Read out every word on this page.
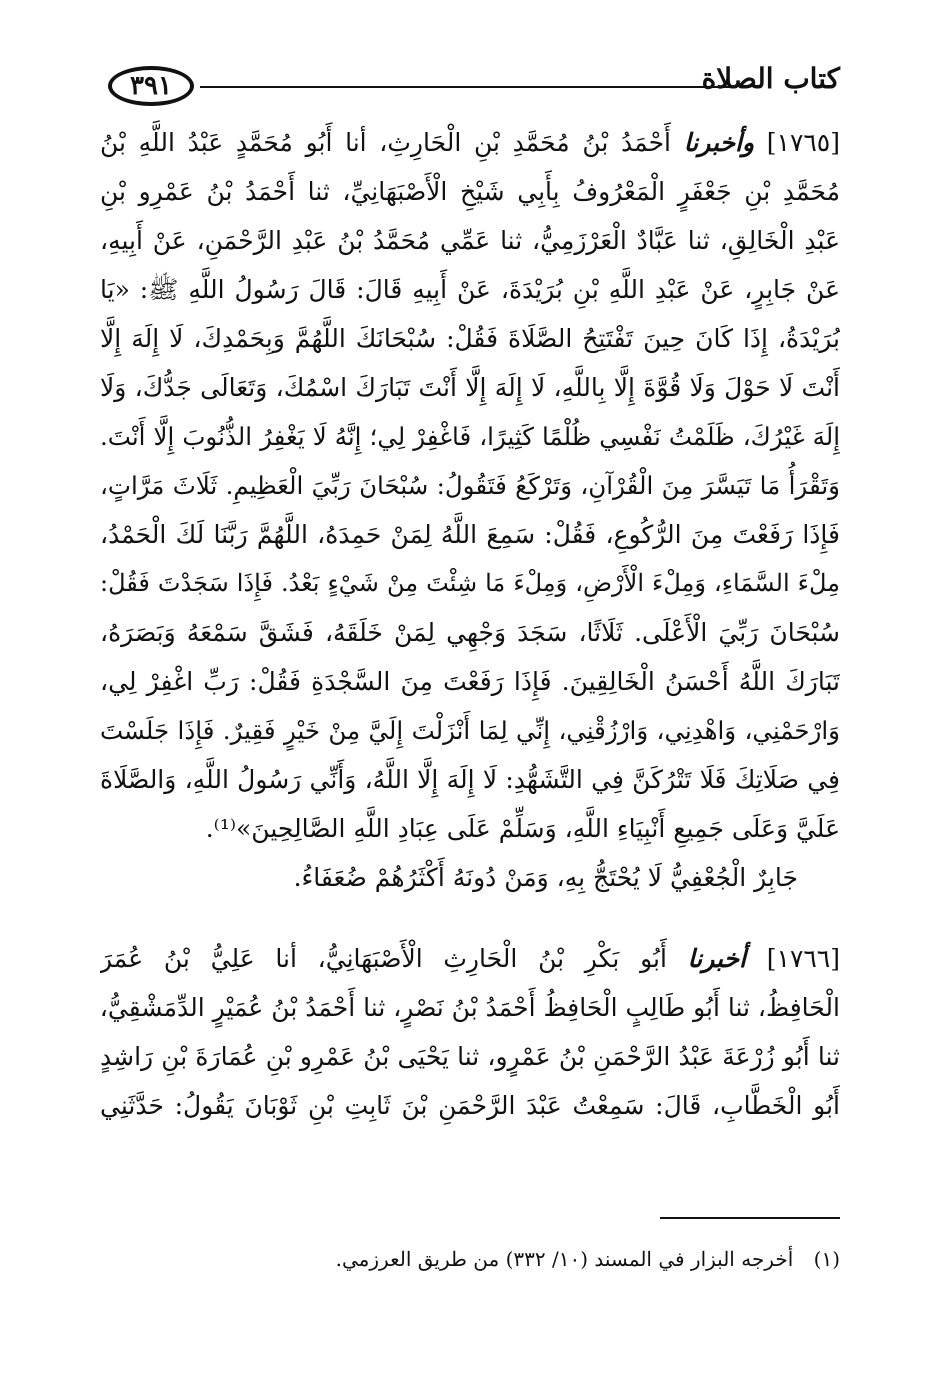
٣٩١	كتاب الصلاة
[١٧٦٥] وأخبرنا أَحْمَدُ بْنُ مُحَمَّدِ بْنِ الْحَارِثِ، أنا أَبُو مُحَمَّدٍ عَبْدُ اللَّهِ بْنُ
مُحَمَّدِ بْنِ جَعْفَرٍ الْمَعْرُوفُ بِأَبِي شَيْخِ الْأَصْبَهَانِيِّ، ثنا أَحْمَدُ بْنُ عَمْرِو بْنِ
عَبْدِ الْخَالِقِ، ثنا عَبَّادٌ الْعَرْزَمِيُّ، ثنا عَمِّي مُحَمَّدُ بْنُ عَبْدِ الرَّحْمَنِ، عَنْ أَبِيهِ،
عَنْ جَابِرٍ، عَنْ عَبْدِ اللَّهِ بْنِ بُرَيْدَةَ، عَنْ أَبِيهِ قَالَ: قَالَ رَسُولُ اللَّهِ ﷺ: «يَا
بُرَيْدَةُ، إِذَا كَانَ حِينَ تَفْتَتِحُ الصَّلَاةَ فَقُلْ: سُبْحَانَكَ اللَّهُمَّ وَبِحَمْدِكَ، لَا إِلَهَ إِلَّا
أَنْتَ لَا حَوْلَ وَلَا قُوَّةَ إِلَّا بِاللَّهِ، لَا إِلَهَ إِلَّا أَنْتَ تَبَارَكَ اسْمُكَ، وَتَعَالَى جَدُّكَ، وَلَا
إِلَهَ غَيْرُكَ، ظَلَمْتُ نَفْسِي ظُلْمًا كَثِيرًا، فَاغْفِرْ لِي؛ إِنَّهُ لَا يَغْفِرُ الذُّنُوبَ إِلَّا أَنْتَ.
وَتَقْرَأُ مَا تَيَسَّرَ مِنَ الْقُرْآنِ، وَتَرْكَعُ فَتَقُولُ: سُبْحَانَ رَبِّيَ الْعَظِيمِ. ثَلَاثَ مَرَّاتٍ،
فَإِذَا رَفَعْتَ مِنَ الرُّكُوعِ، فَقُلْ: سَمِعَ اللَّهُ لِمَنْ حَمِدَهُ، اللَّهُمَّ رَبَّنَا لَكَ الْحَمْدُ،
مِلْءَ السَّمَاءِ، وَمِلْءَ الْأَرْضِ، وَمِلْءَ مَا شِئْتَ مِنْ شَيْءٍ بَعْدُ. فَإِذَا سَجَدْتَ فَقُلْ:
سُبْحَانَ رَبِّيَ الْأَعْلَى. ثَلَاثًا، سَجَدَ وَجْهِي لِمَنْ خَلَقَهُ، فَشَقَّ سَمْعَهُ وَبَصَرَهُ،
تَبَارَكَ اللَّهُ أَحْسَنُ الْخَالِقِينَ. فَإِذَا رَفَعْتَ مِنَ السَّجْدَةِ فَقُلْ: رَبِّ اغْفِرْ لِي،
وَارْحَمْنِي، وَاهْدِنِي، وَارْزُقْنِي، إِنِّي لِمَا أَنْزَلْتَ إِلَيَّ مِنْ خَيْرٍ فَقِيرٌ. فَإِذَا جَلَسْتَ
فِي صَلَاتِكَ فَلَا تَتْرُكَنَّ فِي التَّشَهُّدِ: لَا إِلَهَ إِلَّا اللَّهُ، وَأَنِّي رَسُولُ اللَّهِ، وَالصَّلَاةَ
عَلَيَّ وَعَلَى جَمِيعِ أَنْبِيَاءِ اللَّهِ، وَسَلِّمْ عَلَى عِبَادِ اللَّهِ الصَّالِحِينَ»⁽¹⁾.
جَابِرٌ الْجُعْفِيُّ لَا يُحْتَجُّ بِهِ، وَمَنْ دُونَهُ أَكْثَرُهُمْ ضُعَفَاءُ.
[١٧٦٦] أخبرنا أَبُو بَكْرِ بْنُ الْحَارِثِ الْأَصْبَهَانِيُّ، أنا عَلِيُّ بْنُ عُمَرَ
الْحَافِظُ، ثنا أَبُو طَالِبٍ الْحَافِظُ أَحْمَدُ بْنُ نَصْرٍ، ثنا أَحْمَدُ بْنُ عُمَيْرٍ الدِّمَشْقِيُّ،
ثنا أَبُو زُرْعَةَ عَبْدُ الرَّحْمَنِ بْنُ عَمْرٍو، ثنا يَحْيَى بْنُ عَمْرِو بْنِ عُمَارَةَ بْنِ رَاشِدٍ
أَبُو الْخَطَّابِ، قَالَ: سَمِعْتُ عَبْدَ الرَّحْمَنِ بْنَ ثَابِتِ بْنِ ثَوْبَانَ يَقُولُ: حَدَّثَنِي
(١) أخرجه البزار في المسند (١٠/ ٣٣٢) من طريق العرزمي.
